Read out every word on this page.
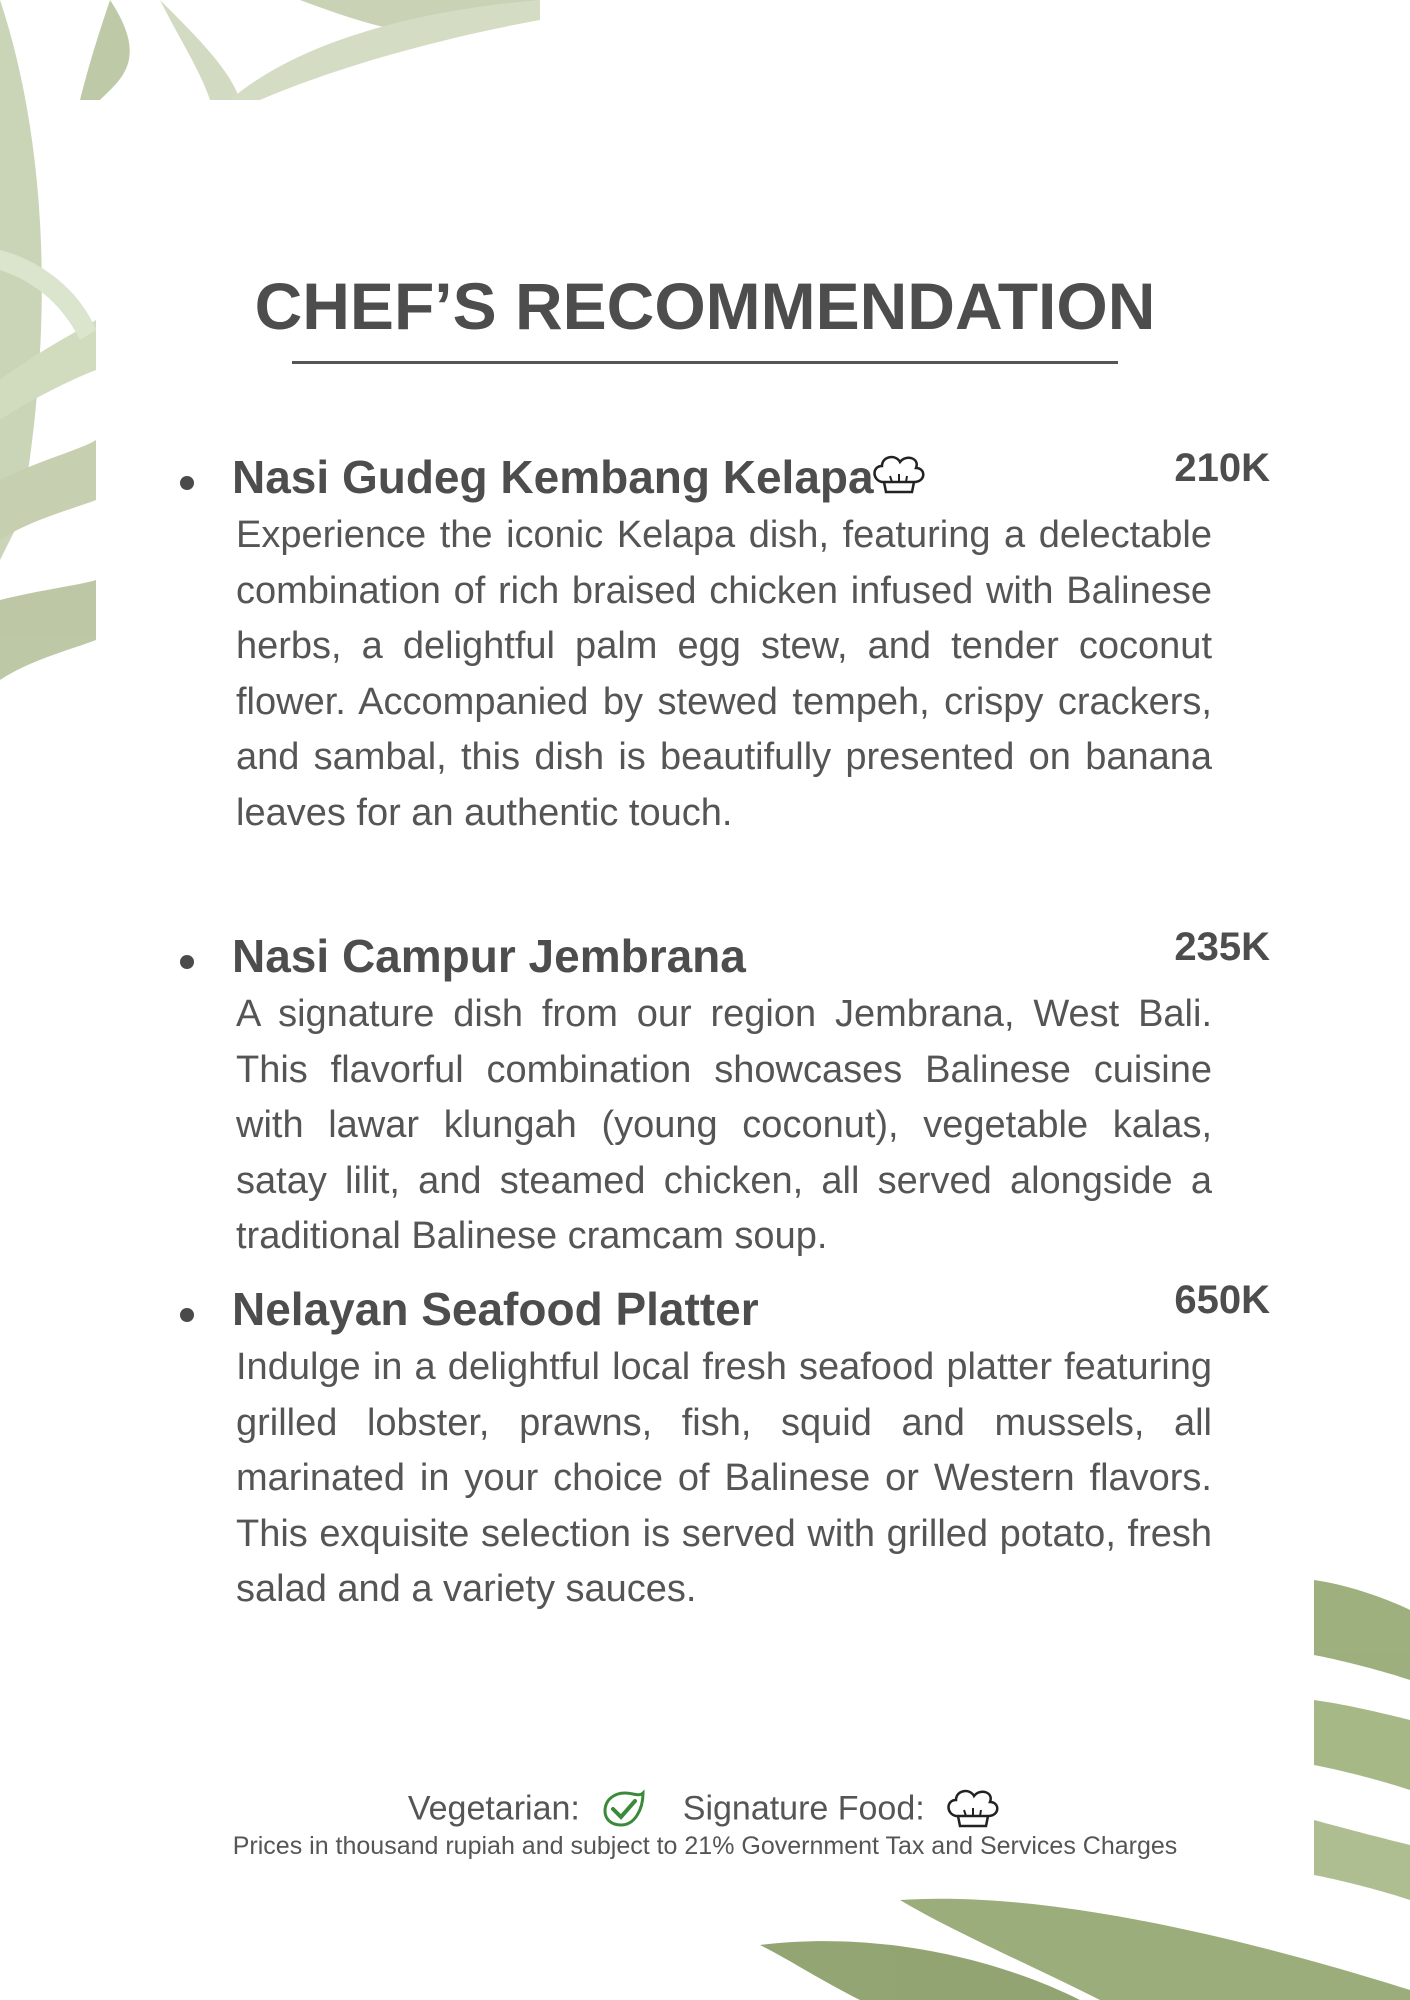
CHEF’S RECOMMENDATION
Nasi Gudeg Kembang Kelapa	210K
Experience the iconic Kelapa dish, featuring a delectable combination of rich braised chicken infused with Balinese herbs, a delightful palm egg stew, and tender coconut flower. Accompanied by stewed tempeh, crispy crackers, and sambal, this dish is beautifully presented on banana leaves for an authentic touch.
Nasi Campur Jembrana	235K
A signature dish from our region Jembrana, West Bali. This flavorful combination showcases Balinese cuisine with lawar klungah (young coconut), vegetable kalas, satay lilit, and steamed chicken, all served alongside a traditional Balinese cramcam soup.
Nelayan Seafood Platter	650K
Indulge in a delightful local fresh seafood platter featuring grilled lobster, prawns, fish, squid and mussels, all marinated in your choice of Balinese or Western flavors. This exquisite selection is served with grilled potato, fresh salad and a variety sauces.
Vegetarian:	Signature Food:
Prices in thousand rupiah and subject to 21% Government Tax and Services Charges
